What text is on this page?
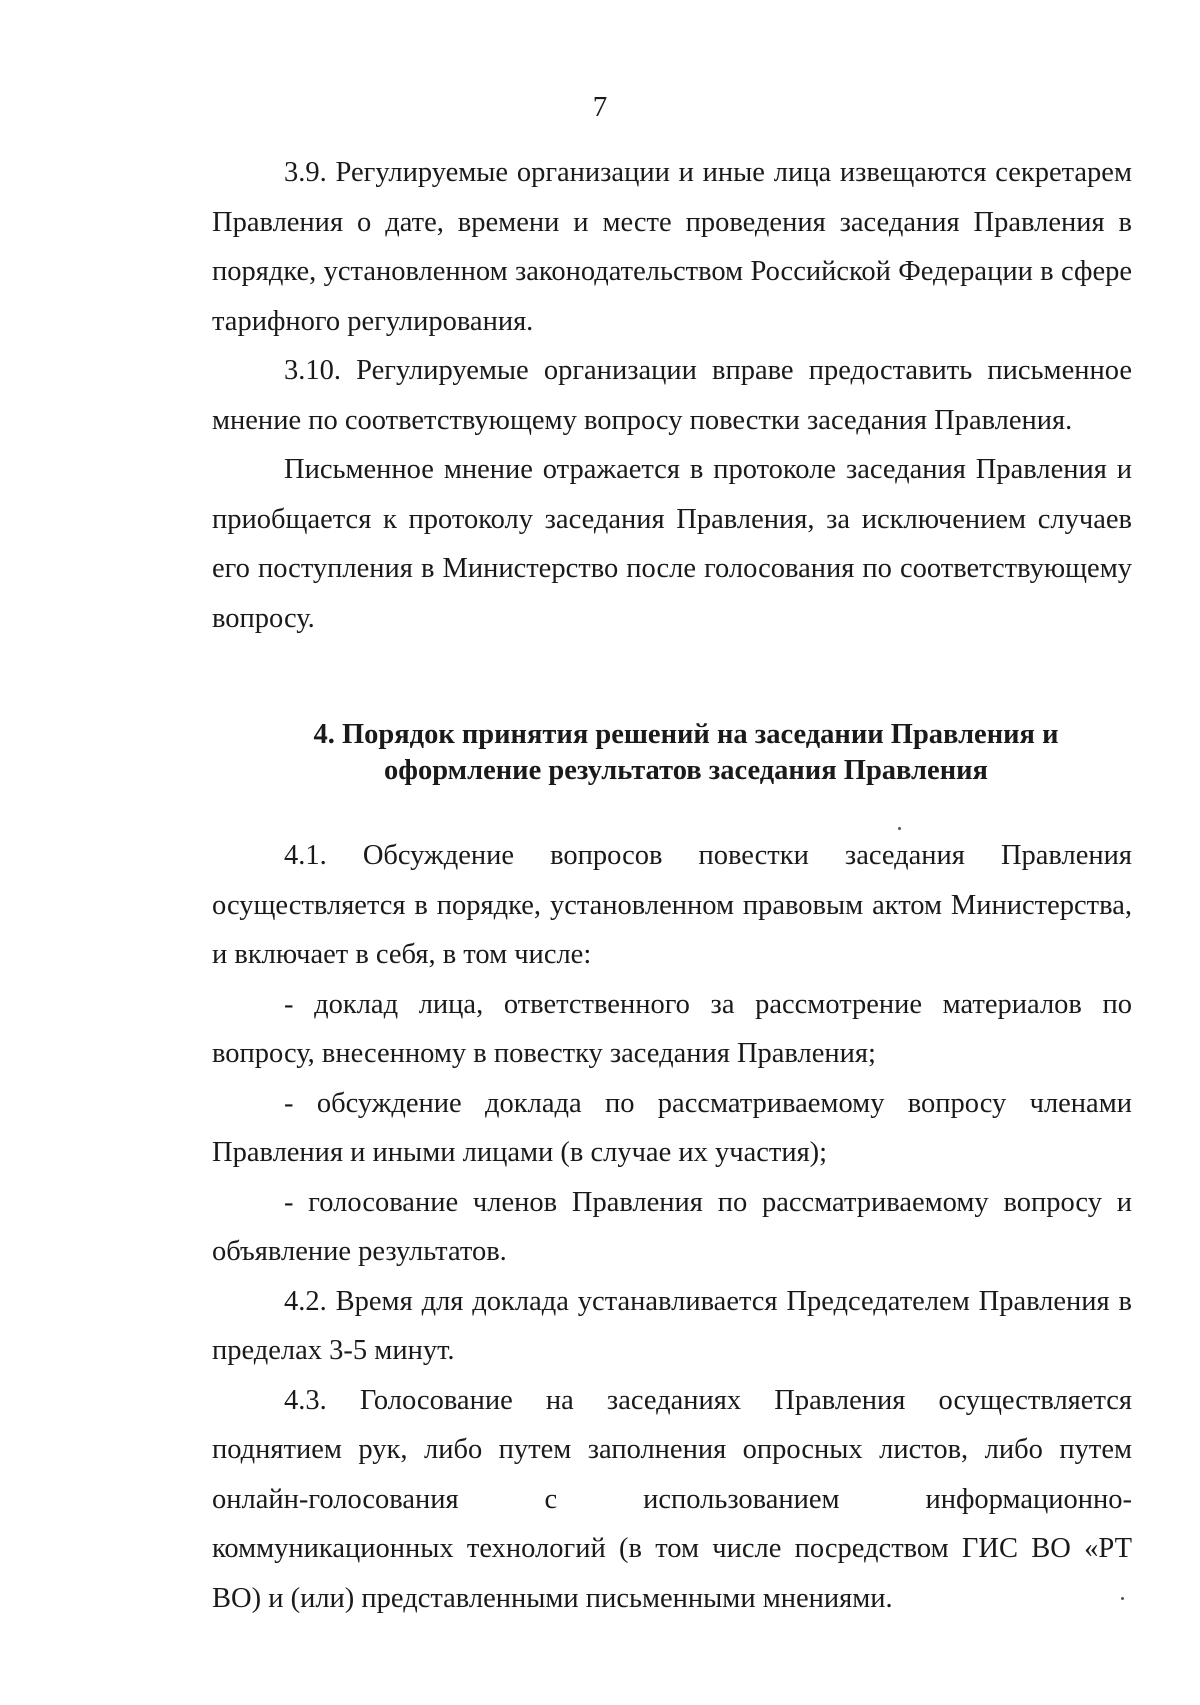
7

3.9. Регулируемые организации и иные лица извещаются секретарем Правления о дате, времени и месте проведения заседания Правления в порядке, установленном законодательством Российской Федерации в сфере тарифного регулирования.

3.10. Регулируемые организации вправе предоставить письменное мнение по соответствующему вопросу повестки заседания Правления.

Письменное мнение отражается в протоколе заседания Правления и приобщается к протоколу заседания Правления, за исключением случаев его поступления в Министерство после голосования по соответствующему вопросу.

4. Порядок принятия решений на заседании Правления и
оформление результатов заседания Правления

4.1. Обсуждение вопросов повестки заседания Правления осуществляется в порядке, установленном правовым актом Министерства, и включает в себя, в том числе:

- доклад лица, ответственного за рассмотрение материалов по вопросу, внесенному в повестку заседания Правления;

- обсуждение доклада по рассматриваемому вопросу членами Правления и иными лицами (в случае их участия);

- голосование членов Правления по рассматриваемому вопросу и объявление результатов.

4.2. Время для доклада устанавливается Председателем Правления в пределах 3-5 минут.

4.3. Голосование на заседаниях Правления осуществляется поднятием рук, либо путем заполнения опросных листов, либо путем онлайн-голосования с использованием информационно-коммуникационных технологий (в том числе посредством ГИС ВО «РТ ВО) и (или) представленными письменными мнениями.
